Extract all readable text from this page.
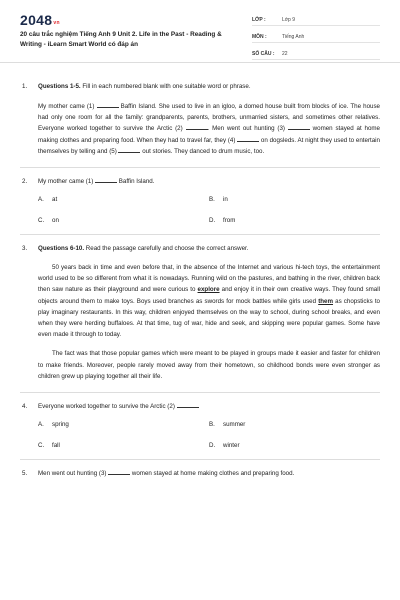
2048vn
20 câu trắc nghiệm Tiếng Anh 9 Unit 2. Life in the Past - Reading & Writing - iLearn Smart World có đáp án
LỚP :	Lớp 9
MÔN :	Tiếng Anh
SỐ CÂU :	22
1. Questions 1-5. Fill in each numbered blank with one suitable word or phrase.

My mother came (1)	Baffin Island. She used to live in an igloo, a domed house built from blocks of ice. The house had only one room for all the family: grandparents, parents, brothers, unmarried sisters, and sometimes other relatives. Everyone worked together to survive the Arctic (2)	. Men went out hunting (3)	women stayed at home making clothes and preparing food. When they had to travel far, they (4)	on dogsleds. At night they used to entertain themselves by telling and (5)	out stories. They danced to drum music, too.
2. My mother came (1)	Baffin Island.

A. at	B. in
C. on	D. from
3. Questions 6-10. Read the passage carefully and choose the correct answer.

50 years back in time and even before that, in the absence of the Internet and various hi-tech toys, the entertainment world used to be so different from what it is nowadays. Running wild on the pastures, and bathing in the river, children back then saw nature as their playground and were curious to explore and enjoy it in their own creative ways. They found small objects around them to make toys. Boys used branches as swords for mock battles while girls used them as chopsticks to play imaginary restaurants. In this way, children enjoyed themselves on the way to school, during school breaks, and even when they were herding buffaloes. At that time, tug of war, hide and seek, and skipping were popular games. Some have even made it through to today.
The fact was that those popular games which were meant to be played in groups made it easier and faster for children to make friends. Moreover, people rarely moved away from their hometown, so childhood bonds were even stronger as children grew up playing together all their life.
4. Everyone worked together to survive the Arctic (2)

A. spring	B. summer
C. fall	D. winter
5. Men went out hunting (3)	women stayed at home making clothes and preparing food.
